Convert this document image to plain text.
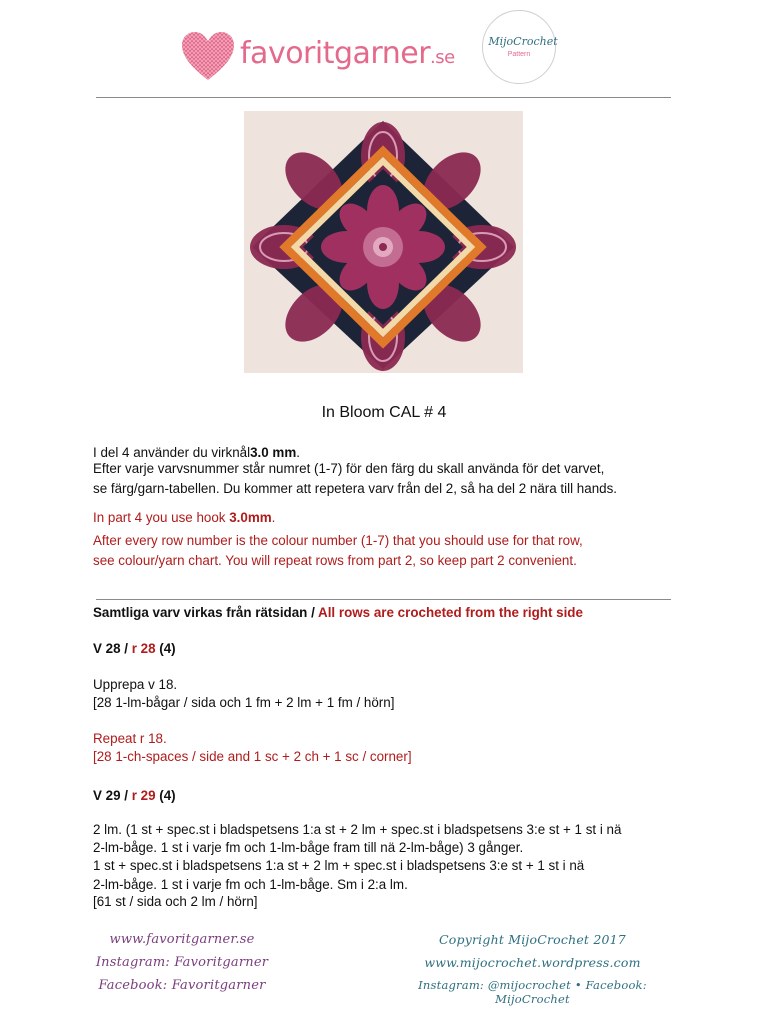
favoritgarner.se
MijoCrochet
Pattern
In Bloom CAL # 4
I del 4 använder du virknål3.0 mm.
Efter varje varvsnummer står numret (1-7) för den färg du skall använda för det varvet,
se färg/garn-tabellen. Du kommer att repetera varv från del 2, så ha del 2 nära till hands.
In part 4 you use hook 3.0mm.
After every row number is the colour number (1-7) that you should use for that row,
see colour/yarn chart. You will repeat rows from part 2, so keep part 2 convenient.
Samtliga varv virkas från rätsidan / All rows are crocheted from the right side
V 28 / r 28 (4)
Upprepa v 18.
[28 1-lm-bågar / sida och 1 fm + 2 lm + 1 fm / hörn]
Repeat r 18.
[28 1-ch-spaces / side and 1 sc + 2 ch + 1 sc / corner]
V 29 / r 29 (4)
2 lm. (1 st + spec.st i bladspetsens 1:a st + 2 lm + spec.st i bladspetsens 3:e st + 1 st i nä
2-lm-båge. 1 st i varje fm och 1-lm-båge fram till nä 2-lm-båge) 3 gånger.
1 st + spec.st i bladspetsens 1:a st + 2 lm + spec.st i bladspetsens 3:e st + 1 st i nä
2-lm-båge. 1 st i varje fm och 1-lm-båge. Sm i 2:a lm.
[61 st / sida och 2 lm / hörn]
www.favoritgarner.se
Instagram: Favoritgarner
Facebook: Favoritgarner
Copyright MijoCrochet 2017
www.mijocrochet.wordpress.com
Instagram: @mijocrochet • Facebook: MijoCrochet
